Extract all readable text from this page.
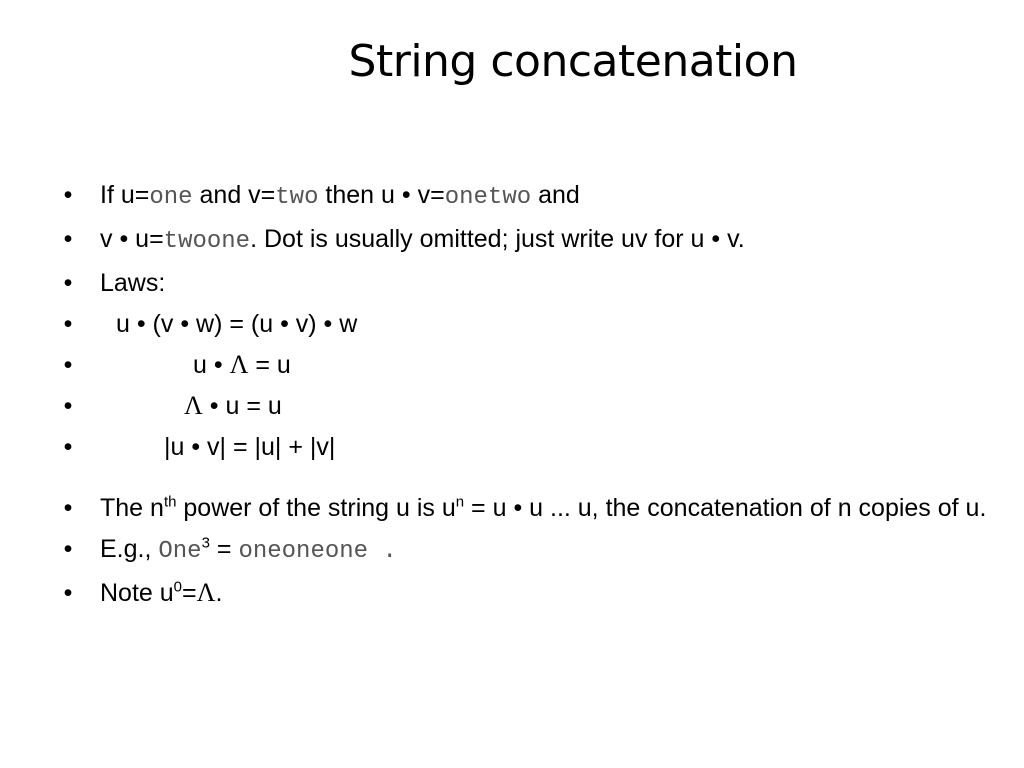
String concatenation
• If u=one and v=two then u • v=onetwo and
• v • u=twoone. Dot is usually omitted; just write uv for u • v.
• Laws:
• u • (v • w) = (u • v) • w
•	u • Λ = u
•	Λ • u = u
•	|u • v| = |u| + |v|
• The $n^{th}$ power of the string u is $u^n = u$ • u ... u, the concatenation of n copies of u.
• E.g., One$^3$ = oneoneone .
• Note $u^0=\Lambda$.
